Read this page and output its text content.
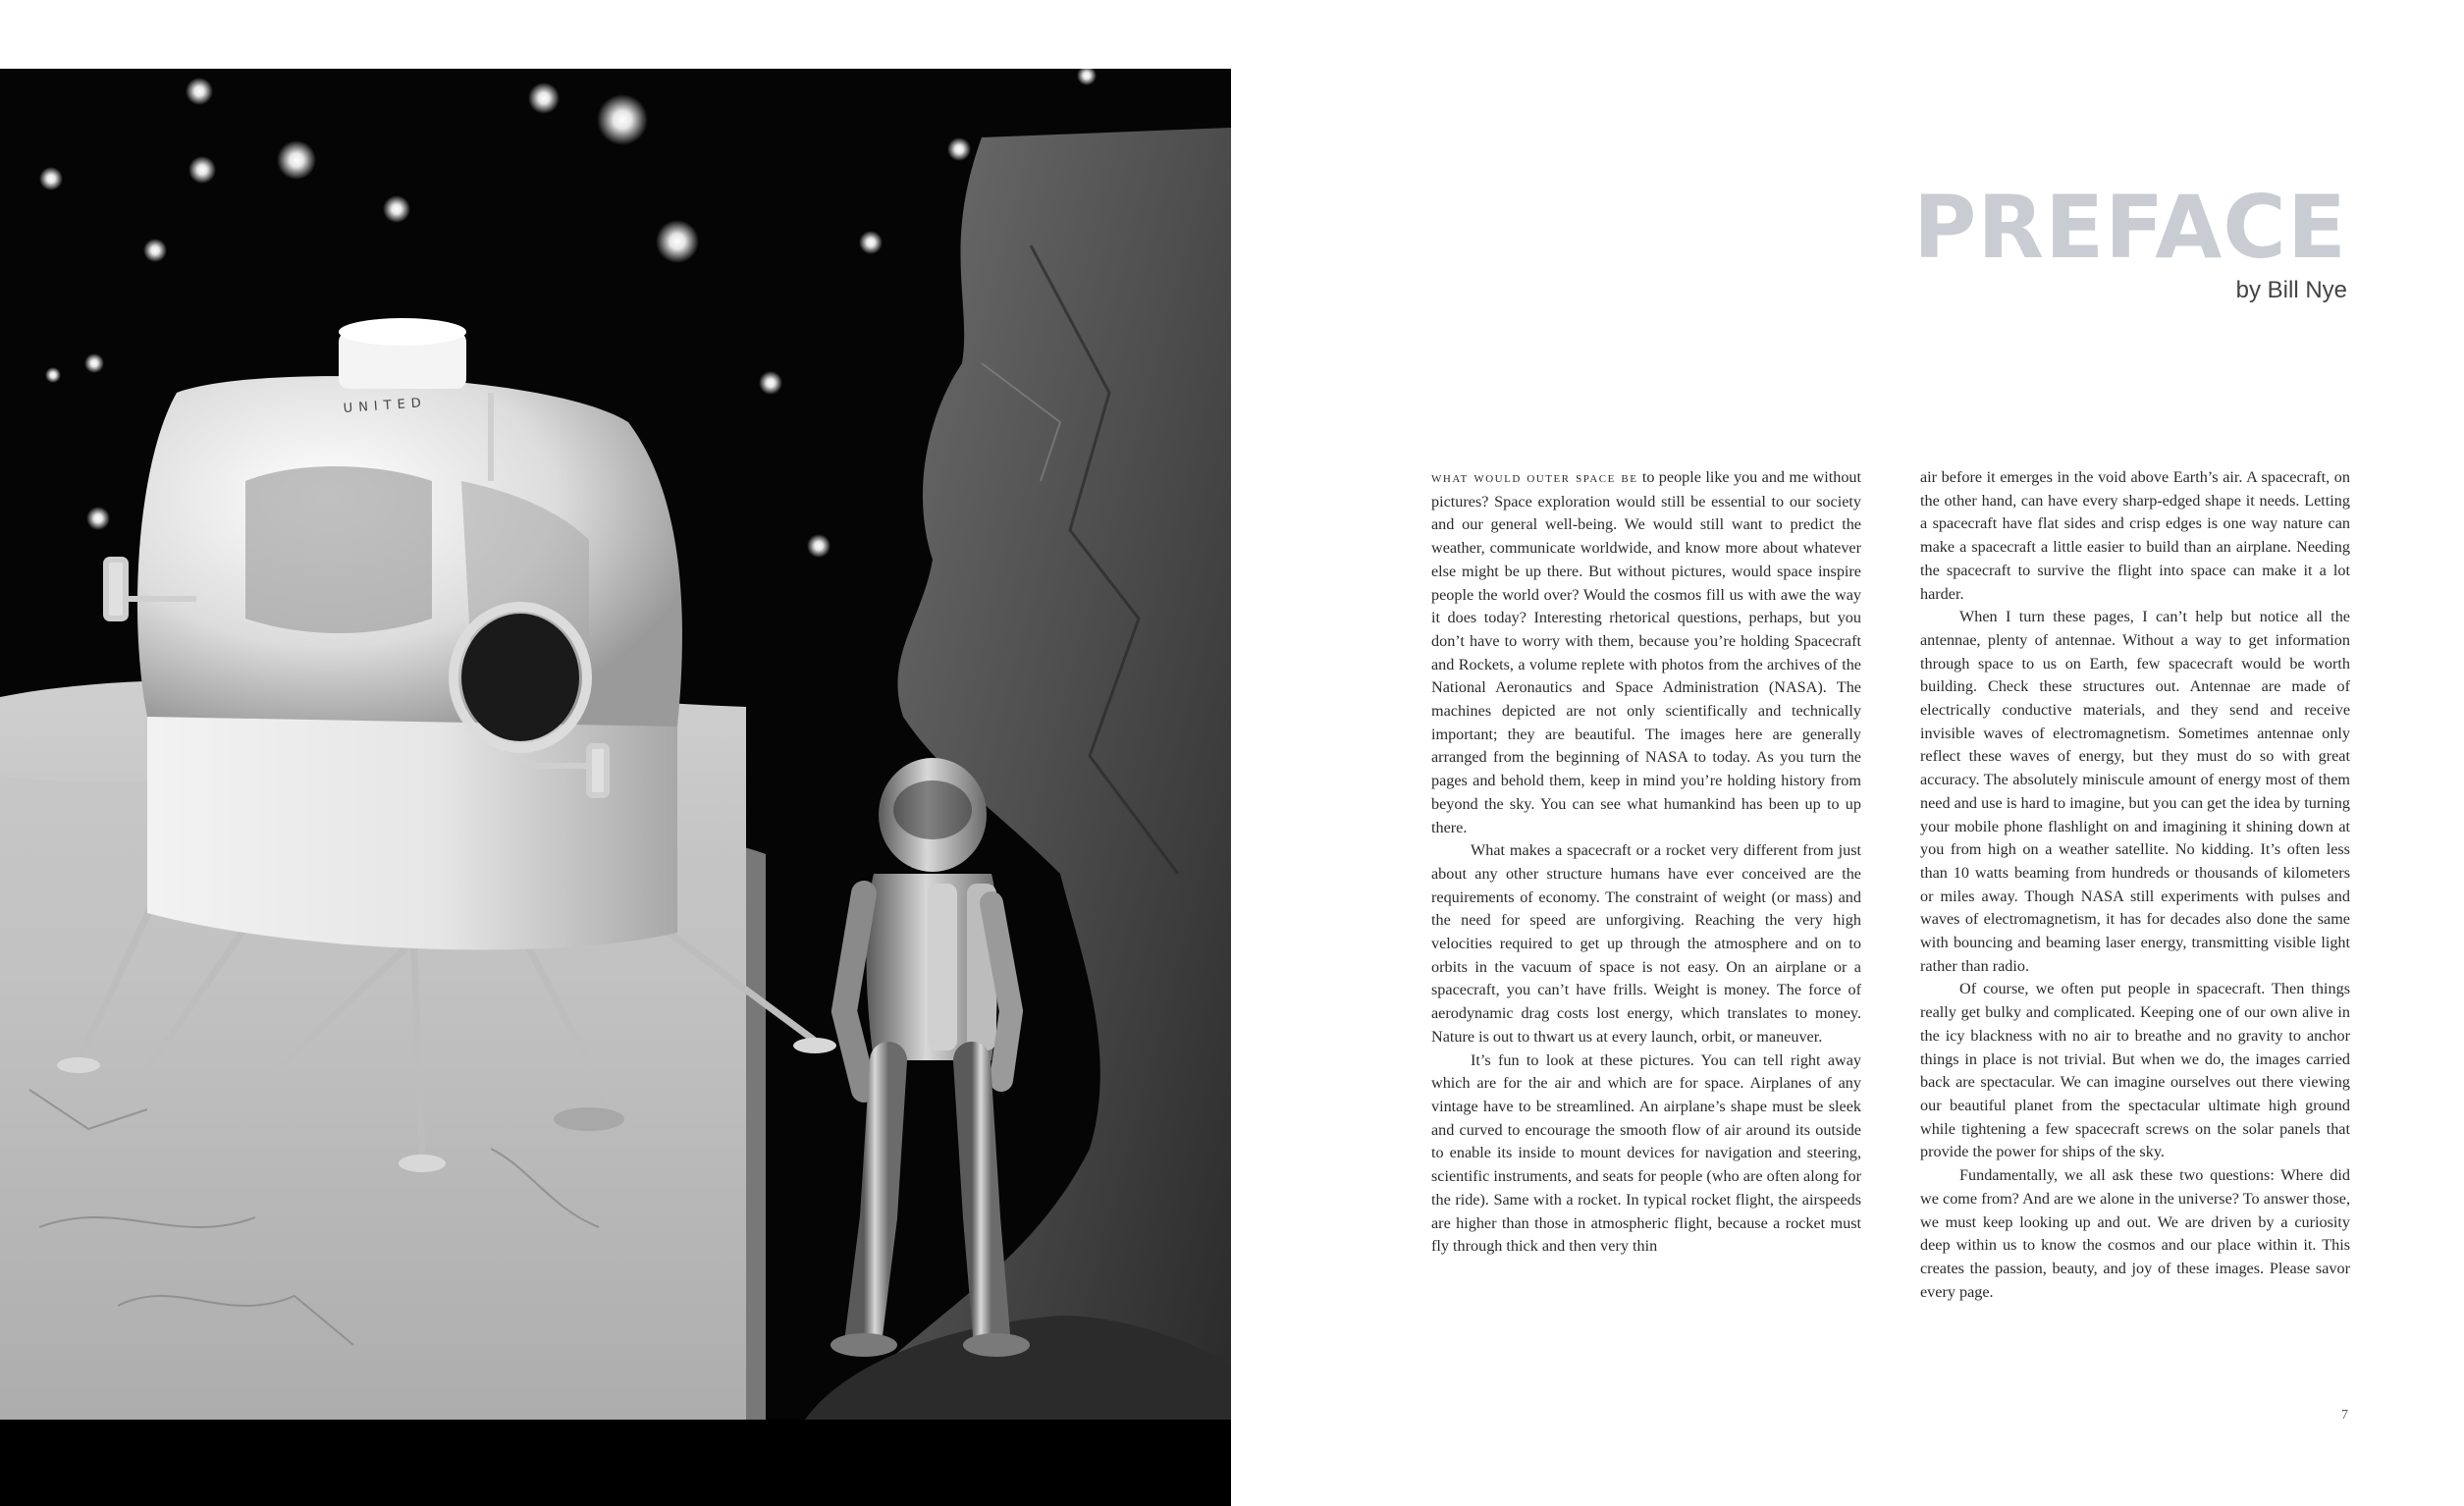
UNITED
PREFACE
by Bill Nye

what would outer space be to people like you and me without pictures? Space exploration would still be essential to our society and our general well-being. We would still want to predict the weather, communicate worldwide, and know more about whatever else might be up there. But without pictures, would space inspire people the world over? Would the cosmos fill us with awe the way it does today? Interesting rhetorical questions, perhaps, but you don’t have to worry with them, because you’re holding Spacecraft and Rockets, a volume replete with photos from the archives of the National Aeronautics and Space Administration (NASA). The machines depicted are not only scientifically and technically important; they are beautiful. The images here are generally arranged from the beginning of NASA to today. As you turn the pages and behold them, keep in mind you’re holding history from beyond the sky. You can see what humankind has been up to up there.

What makes a spacecraft or a rocket very different from just about any other structure humans have ever conceived are the requirements of economy. The constraint of weight (or mass) and the need for speed are unforgiving. Reaching the very high velocities required to get up through the atmosphere and on to orbits in the vacuum of space is not easy. On an airplane or a spacecraft, you can’t have frills. Weight is money. The force of aerodynamic drag costs lost energy, which translates to money. Nature is out to thwart us at every launch, orbit, or maneuver.

It’s fun to look at these pictures. You can tell right away which are for the air and which are for space. Airplanes of any vintage have to be streamlined. An airplane’s shape must be sleek and curved to encourage the smooth flow of air around its outside to enable its inside to mount devices for navigation and steering, scientific instruments, and seats for people (who are often along for the ride). Same with a rocket. In typical rocket flight, the airspeeds are higher than those in atmospheric flight, because a rocket must fly through thick and then very thin

air before it emerges in the void above Earth’s air. A spacecraft, on the other hand, can have every sharp-edged shape it needs. Letting a spacecraft have flat sides and crisp edges is one way nature can make a spacecraft a little easier to build than an airplane. Needing the spacecraft to survive the flight into space can make it a lot harder.

When I turn these pages, I can’t help but notice all the antennae, plenty of antennae. Without a way to get information through space to us on Earth, few spacecraft would be worth building. Check these structures out. Antennae are made of electrically conductive materials, and they send and receive invisible waves of electromagnetism. Sometimes antennae only reflect these waves of energy, but they must do so with great accuracy. The absolutely miniscule amount of energy most of them need and use is hard to imagine, but you can get the idea by turning your mobile phone flashlight on and imagining it shining down at you from high on a weather satellite. No kidding. It’s often less than 10 watts beaming from hundreds or thousands of kilometers or miles away. Though NASA still experiments with pulses and waves of electromagnetism, it has for decades also done the same with bouncing and beaming laser energy, transmitting visible light rather than radio.

Of course, we often put people in spacecraft. Then things really get bulky and complicated. Keeping one of our own alive in the icy blackness with no air to breathe and no gravity to anchor things in place is not trivial. But when we do, the images carried back are spectacular. We can imagine ourselves out there viewing our beautiful planet from the spectacular ultimate high ground while tightening a few spacecraft screws on the solar panels that provide the power for ships of the sky.

Fundamentally, we all ask these two questions: Where did we come from? And are we alone in the universe? To answer those, we must keep looking up and out. We are driven by a curiosity deep within us to know the cosmos and our place within it. This creates the passion, beauty, and joy of these images. Please savor every page.

7
